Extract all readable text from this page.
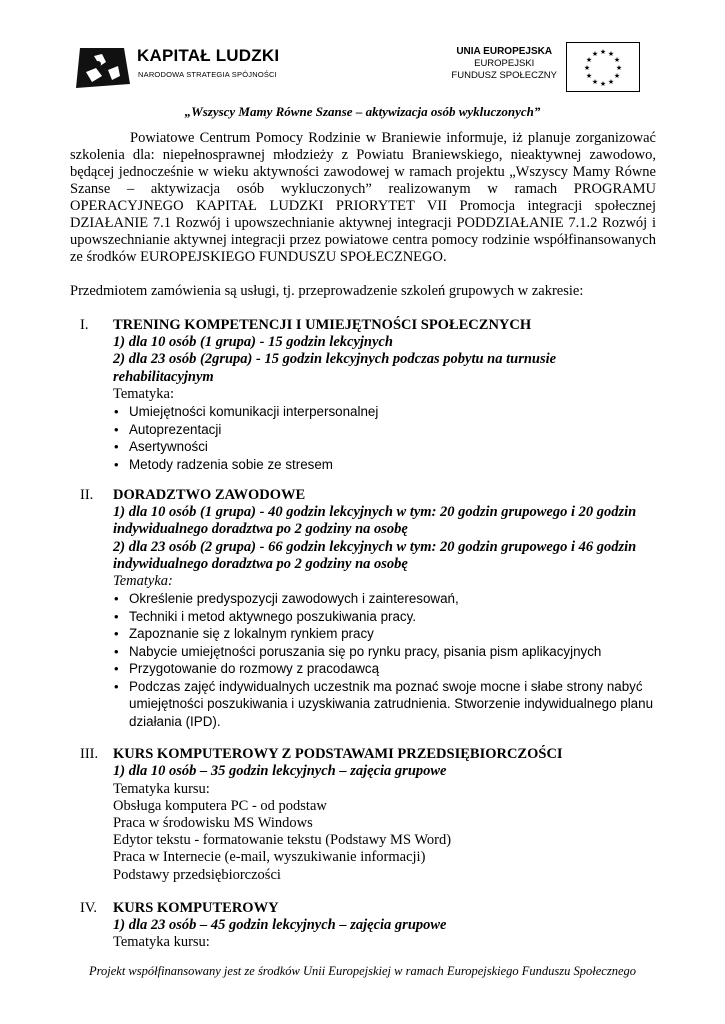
KAPITAŁ LUDZKI
NARODOWA STRATEGIA SPÓJNOŚCI
UNIA EUROPEJSKA
EUROPEJSKI
FUNDUSZ SPOŁECZNY
★ ★
★
★
★
★
★
★
★
★
★
★
„Wszyscy Mamy Równe Szanse – aktywizacja osób wykluczonych”

Powiatowe Centrum Pomocy Rodzinie w Braniewie informuje, iż planuje zorganizować szkolenia dla: niepełnosprawnej młodzieży z Powiatu Braniewskiego, nieaktywnej zawodowo, będącej jednocześnie w wieku aktywności zawodowej w ramach projektu „Wszyscy Mamy Równe Szanse – aktywizacja osób wykluczonych” realizowanym w ramach PROGRAMU OPERACYJNEGO KAPITAŁ LUDZKI PRIORYTET VII Promocja integracji społecznej DZIAŁANIE 7.1 Rozwój i upowszechnianie aktywnej integracji PODDZIAŁANIE 7.1.2 Rozwój i upowszechnianie aktywnej integracji przez powiatowe centra pomocy rodzinie współfinansowanych ze środków EUROPEJSKIEGO FUNDUSZU SPOŁECZNEGO.

Przedmiotem zamówienia są usługi, tj. przeprowadzenie szkoleń grupowych w zakresie:

I. TRENING KOMPETENCJI I UMIEJĘTNOŚCI SPOŁECZNYCH
1) dla 10 osób (1 grupa) - 15 godzin lekcyjnych
2) dla 23 osób (2grupa) - 15 godzin lekcyjnych podczas pobytu na turnusie rehabilitacyjnym
Tematyka:
• Umiejętności komunikacji interpersonalnej
• Autoprezentacji
• Asertywności
• Metody radzenia sobie ze stresem
II. DORADZTWO ZAWODOWE
1) dla 10 osób (1 grupa) - 40 godzin lekcyjnych w tym: 20 godzin grupowego i 20 godzin indywidualnego doradztwa po 2 godziny na osobę
2) dla 23 osób (2 grupa) - 66 godzin lekcyjnych w tym: 20 godzin grupowego i 46 godzin indywidualnego doradztwa po 2 godziny na osobę
Tematyka:
• Określenie predyspozycji zawodowych i zainteresowań,
• Techniki i metod aktywnego poszukiwania pracy.
• Zapoznanie się z lokalnym rynkiem pracy
• Nabycie umiejętności poruszania się po rynku pracy, pisania pism aplikacyjnych
• Przygotowanie do rozmowy z pracodawcą
• Podczas zajęć indywidualnych uczestnik ma poznać swoje mocne i słabe strony nabyć umiejętności poszukiwania i uzyskiwania zatrudnienia. Stworzenie indywidualnego planu działania (IPD).
III. KURS KOMPUTEROWY Z PODSTAWAMI PRZEDSIĘBIORCZOŚCI
1) dla 10 osób – 35 godzin lekcyjnych – zajęcia grupowe
Tematyka kursu:
Obsługa komputera PC - od podstaw
Praca w środowisku MS Windows
Edytor tekstu - formatowanie tekstu (Podstawy MS Word)
Praca w Internecie (e-mail, wyszukiwanie informacji)
Podstawy przedsiębiorczości
IV. KURS KOMPUTEROWY
1) dla 23 osób – 45 godzin lekcyjnych – zajęcia grupowe
Tematyka kursu:
Projekt współfinansowany jest ze środków Unii Europejskiej w ramach Europejskiego Funduszu Społecznego
